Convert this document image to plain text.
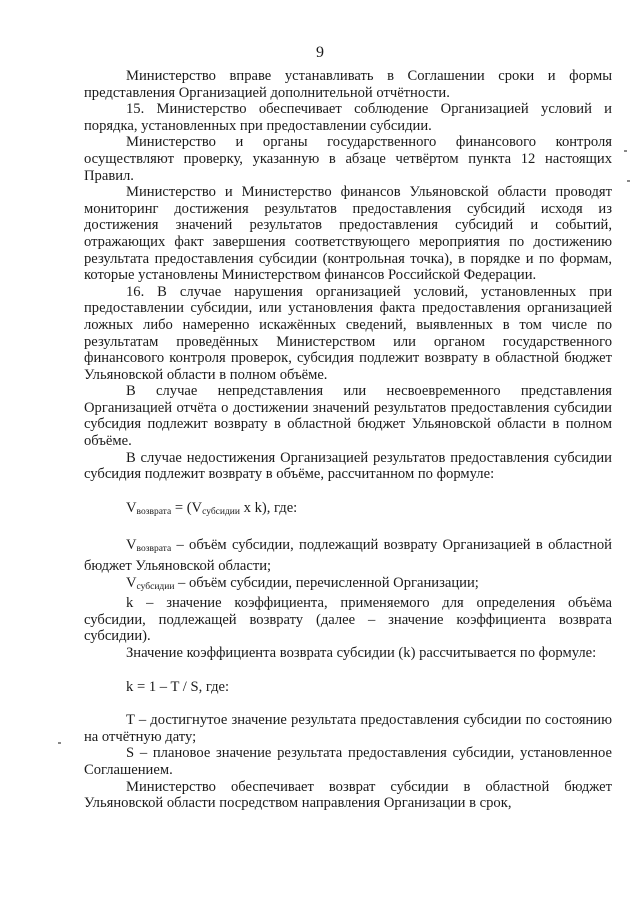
9

Министерство вправе устанавливать в Соглашении сроки и формы представления Организацией дополнительной отчётности.

15. Министерство обеспечивает соблюдение Организацией условий и порядка, установленных при предоставлении субсидии.

Министерство и органы государственного финансового контроля осуществляют проверку, указанную в абзаце четвёртом пункта 12 настоящих Правил.

Министерство и Министерство финансов Ульяновской области проводят мониторинг достижения результатов предоставления субсидий исходя из достижения значений результатов предоставления субсидий и событий, отражающих факт завершения соответствующего мероприятия по достижению результата предоставления субсидии (контрольная точка), в порядке и по формам, которые установлены Министерством финансов Российской Федерации.

16. В случае нарушения организацией условий, установленных при предоставлении субсидии, или установления факта предоставления организацией ложных либо намеренно искажённых сведений, выявленных в том числе по результатам проведённых Министерством или органом государственного финансового контроля проверок, субсидия подлежит возврату в областной бюджет Ульяновской области в полном объёме.

В случае непредставления или несвоевременного представления Организацией отчёта о достижении значений результатов предоставления субсидии субсидия подлежит возврату в областной бюджет Ульяновской области в полном объёме.

В случае недостижения Организацией результатов предоставления субсидии субсидия подлежит возврату в объёме, рассчитанном по формуле:

$V_{возврата} = (V_{субсидии}$ x k), где:

$V_{возврата}$ – объём субсидии, подлежащий возврату Организацией в областной бюджет Ульяновской области;

$V_{субсидии}$ – объём субсидии, перечисленной Организации;

k – значение коэффициента, применяемого для определения объёма субсидии, подлежащей возврату (далее – значение коэффициента возврата субсидии).

Значение коэффициента возврата субсидии (k) рассчитывается по формуле:

k = 1 – T / S, где:

T – достигнутое значение результата предоставления субсидии по состоянию на отчётную дату;

S – плановое значение результата предоставления субсидии, установленное Соглашением.

Министерство обеспечивает возврат субсидии в областной бюджет Ульяновской области посредством направления Организации в срок,
